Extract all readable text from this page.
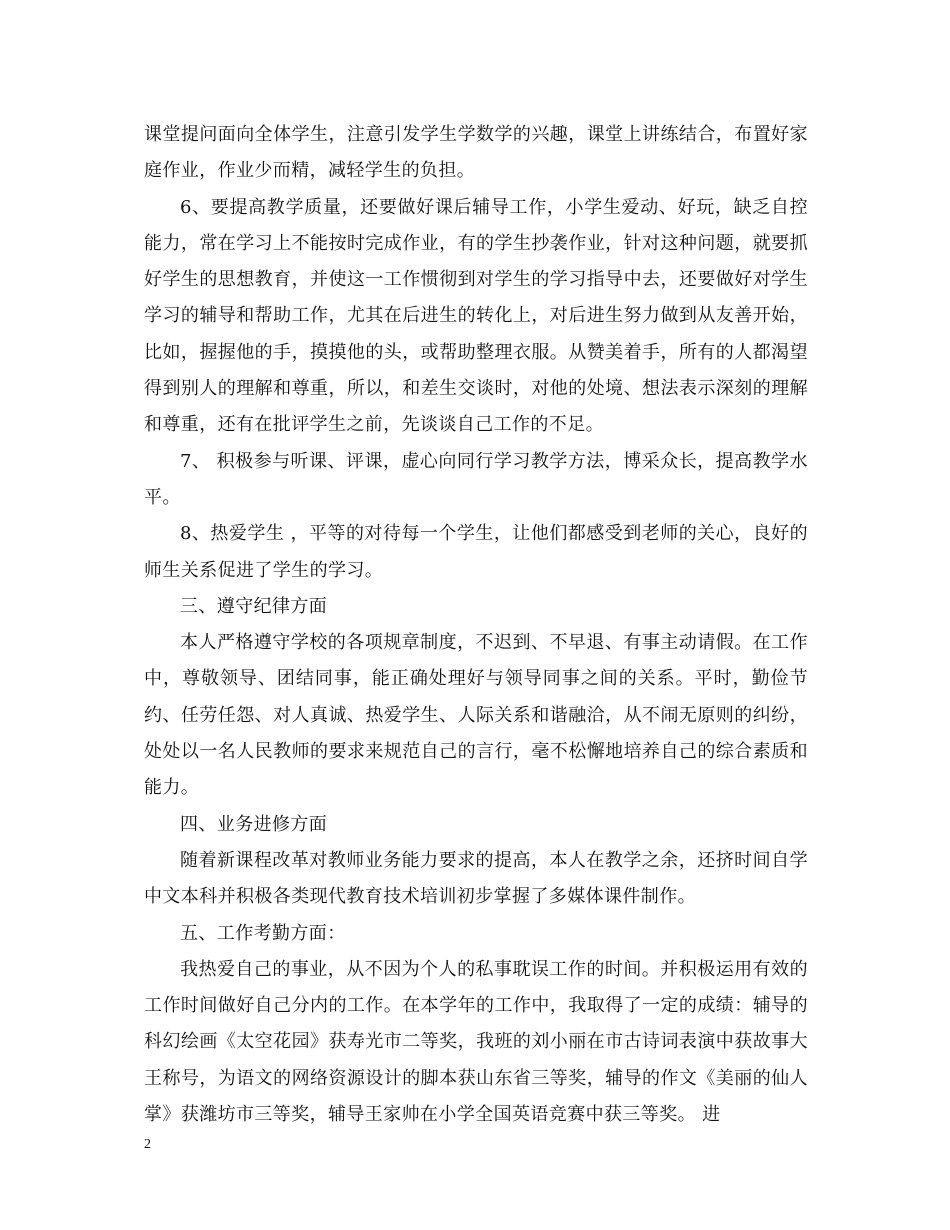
课堂提问面向全体学生，注意引发学生学数学的兴趣，课堂上讲练结合，布置好家庭作业，作业少而精，减轻学生的负担。

6、要提高教学质量，还要做好课后辅导工作，小学生爱动、好玩，缺乏自控能力，常在学习上不能按时完成作业，有的学生抄袭作业，针对这种问题，就要抓好学生的思想教育，并使这一工作惯彻到对学生的学习指导中去，还要做好对学生学习的辅导和帮助工作，尤其在后进生的转化上，对后进生努力做到从友善开始，比如，握握他的手，摸摸他的头，或帮助整理衣服。从赞美着手，所有的人都渴望得到别人的理解和尊重，所以，和差生交谈时，对他的处境、想法表示深刻的理解和尊重，还有在批评学生之前，先谈谈自己工作的不足。

7、 积极参与听课、评课，虚心向同行学习教学方法，博采众长，提高教学水平。

8、热爱学生 ，平等的对待每一个学生，让他们都感受到老师的关心，良好的师生关系促进了学生的学习。

三、遵守纪律方面

本人严格遵守学校的各项规章制度，不迟到、不早退、有事主动请假。在工作中，尊敬领导、团结同事，能正确处理好与领导同事之间的关系。平时，勤俭节约、任劳任怨、对人真诚、热爱学生、人际关系和谐融洽，从不闹无原则的纠纷，处处以一名人民教师的要求来规范自己的言行，毫不松懈地培养自己的综合素质和能力。

四、业务进修方面

随着新课程改革对教师业务能力要求的提高，本人在教学之余，还挤时间自学中文本科并积极各类现代教育技术培训初步掌握了多媒体课件制作。

五、工作考勤方面：

我热爱自己的事业，从不因为个人的私事耽误工作的时间。并积极运用有效的工作时间做好自己分内的工作。在本学年的工作中，我取得了一定的成绩：辅导的科幻绘画《太空花园》获寿光市二等奖，我班的刘小丽在市古诗词表演中获故事大王称号，为语文的网络资源设计的脚本获山东省三等奖，辅导的作文《美丽的仙人掌》获潍坊市三等奖，辅导王家帅在小学全国英语竞赛中获三等奖。 进

2
